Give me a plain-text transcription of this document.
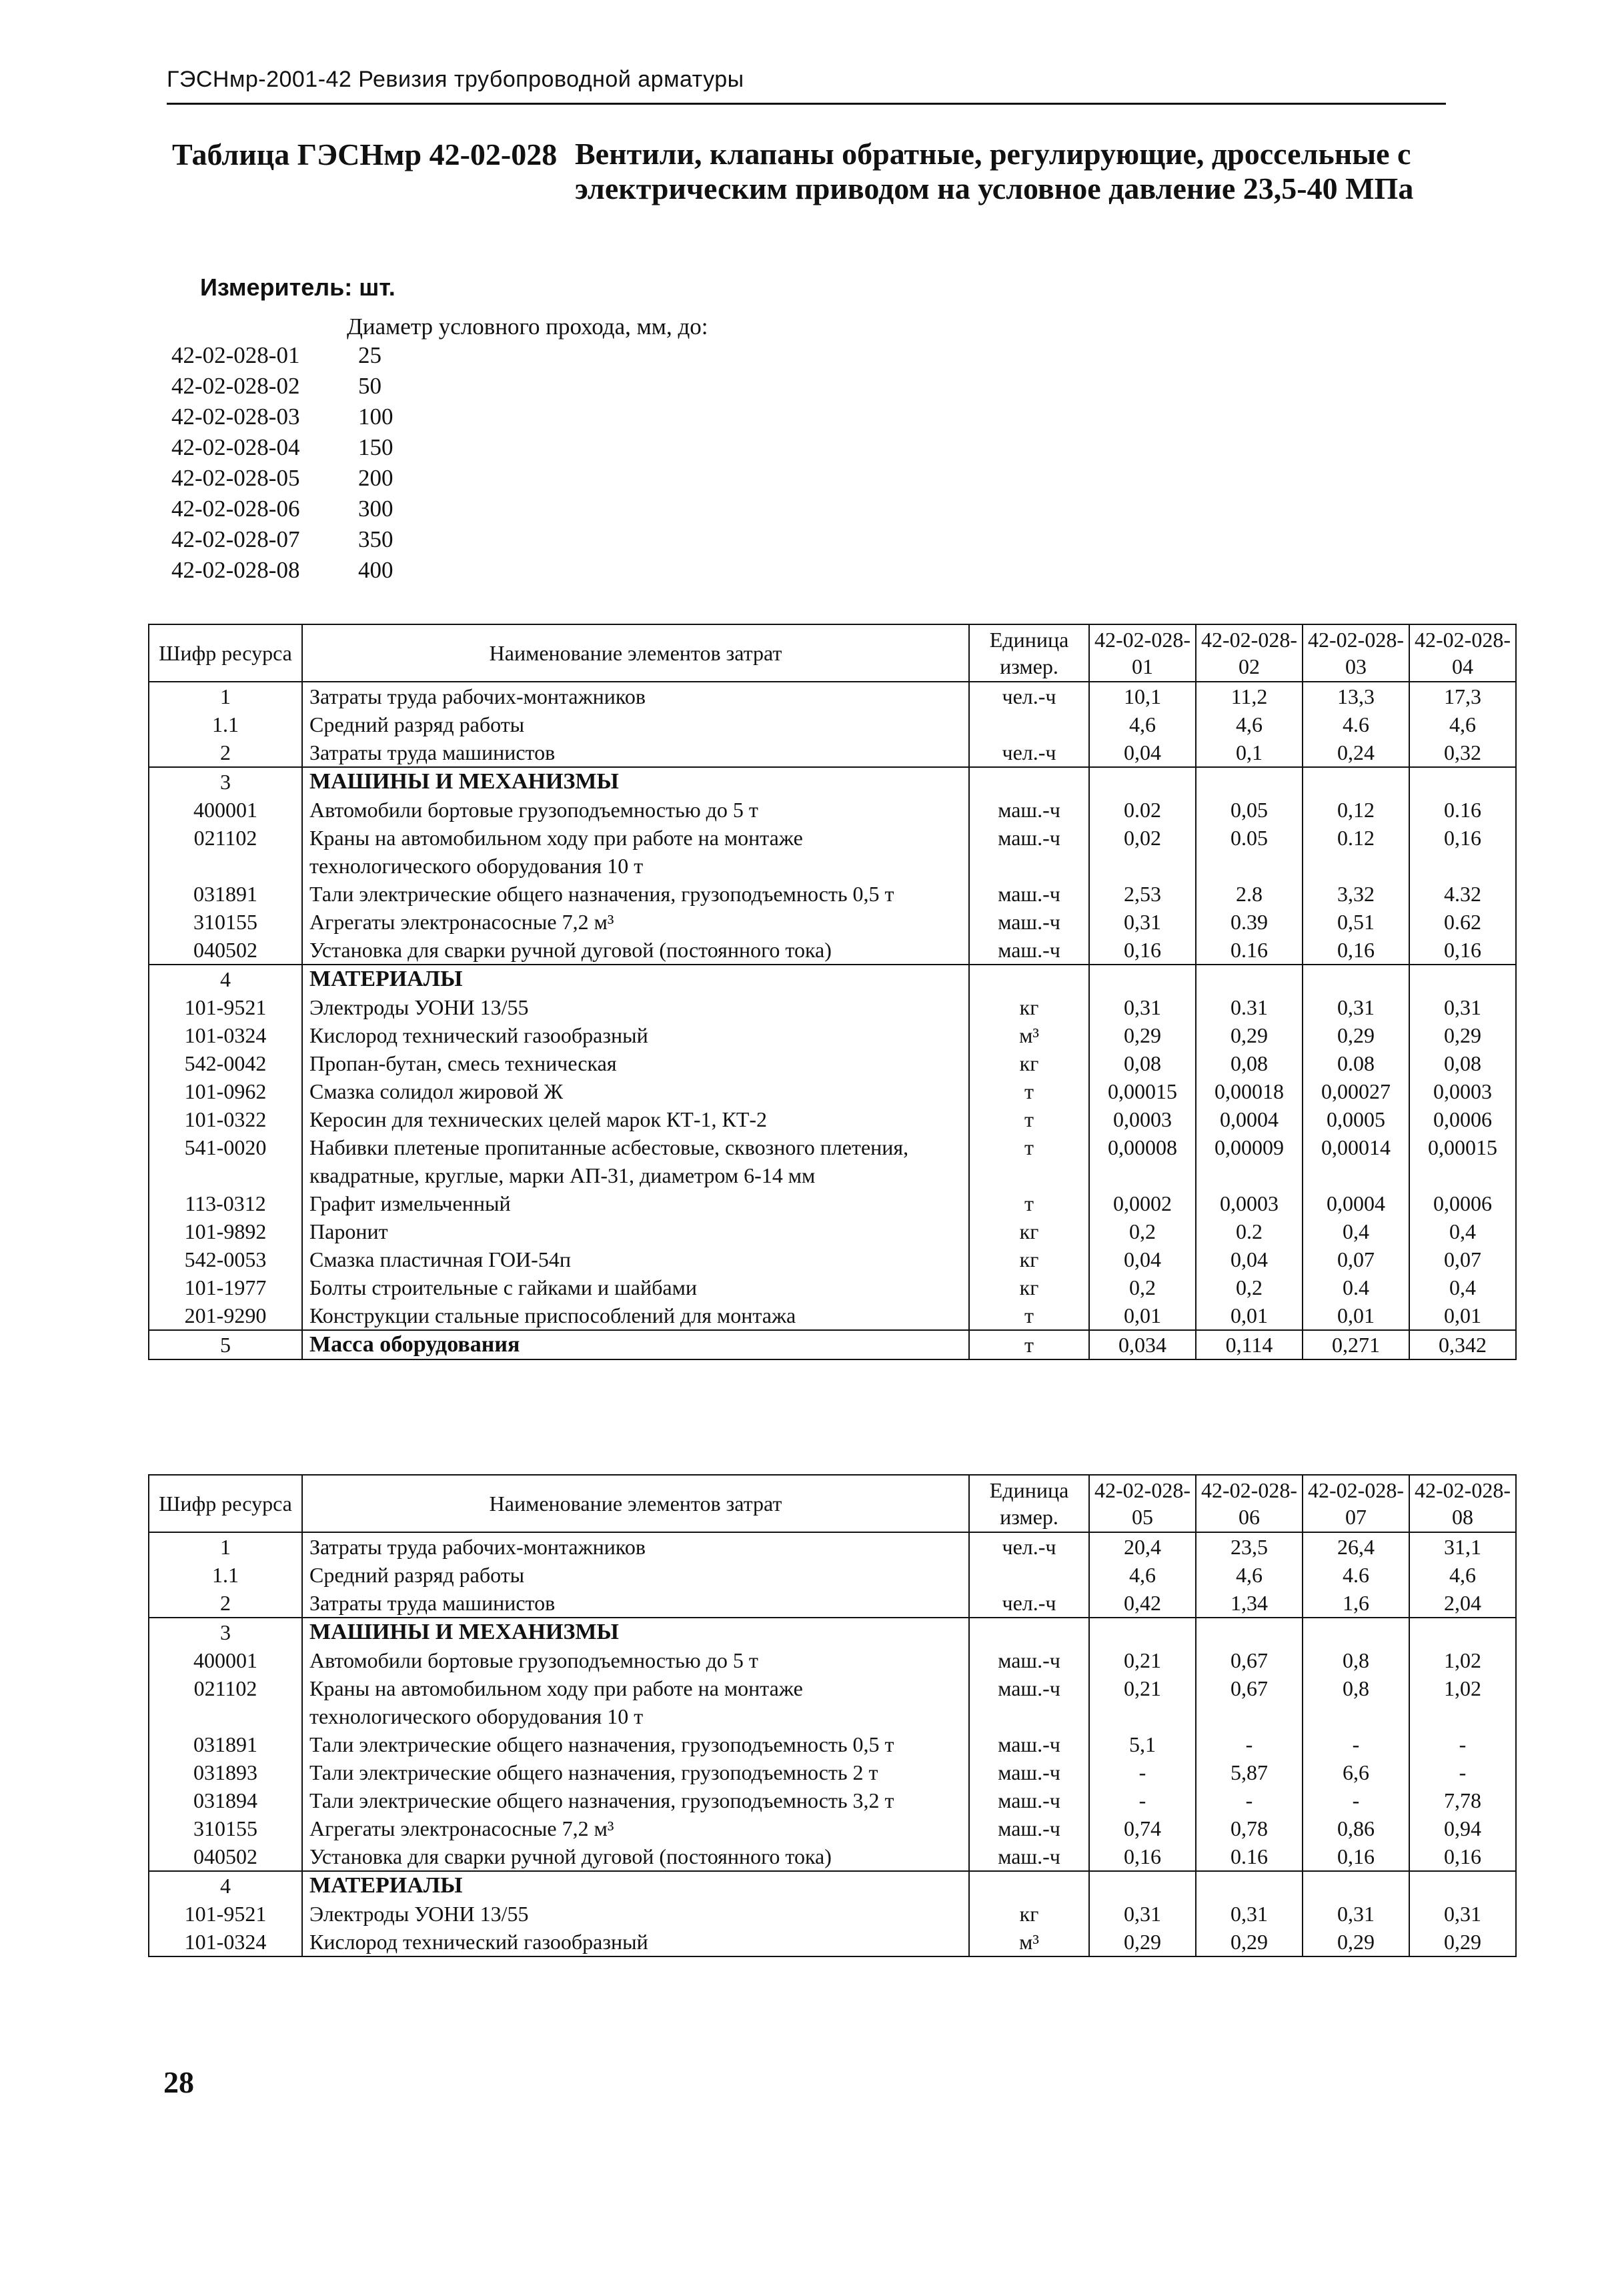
ГЭСНмр-2001-42 Ревизия трубопроводной арматуры
Таблица ГЭСНмр 42-02-028 Вентили, клапаны обратные, регулирующие, дроссельные с электрическим приводом на условное давление 23,5-40 МПа
Измеритель: шт.
Диаметр условного прохода, мм, до:
42-02-028-01	25
42-02-028-02	50
42-02-028-03	100
42-02-028-04	150
42-02-028-05	200
42-02-028-06	300
42-02-028-07	350
42-02-028-08	400
Шифр ресурса	Наименование элементов затрат	Единица измер.	42-02-028-01	42-02-028-02	42-02-028-03	42-02-028-04
1	Затраты труда рабочих-монтажников	чел.-ч	10,1	11,2	13,3	17,3
1.1	Средний разряд работы		4,6	4,6	4.6	4,6
2	Затраты труда машинистов	чел.-ч	0,04	0,1	0,24	0,32
3	МАШИНЫ И МЕХАНИЗМЫ					
400001	Автомобили бортовые грузоподъемностью до 5 т	маш.-ч	0.02	0,05	0,12	0.16
021102	Краны на автомобильном ходу при работе на монтаже технологического оборудования 10 т	маш.-ч	0,02	0.05	0.12	0,16
031891	Тали электрические общего назначения, грузоподъемность 0,5 т	маш.-ч	2,53	2.8	3,32	4.32
310155	Агрегаты электронасосные 7,2 м³	маш.-ч	0,31	0.39	0,51	0.62
040502	Установка для сварки ручной дуговой (постоянного тока)	маш.-ч	0,16	0.16	0,16	0,16
4	МАТЕРИАЛЫ					
101-9521	Электроды УОНИ 13/55	кг	0,31	0.31	0,31	0,31
101-0324	Кислород технический газообразный	м³	0,29	0,29	0,29	0,29
542-0042	Пропан-бутан, смесь техническая	кг	0,08	0,08	0.08	0,08
101-0962	Смазка солидол жировой Ж	т	0,00015	0,00018	0,00027	0,0003
101-0322	Керосин для технических целей марок КТ-1, КТ-2	т	0,0003	0,0004	0,0005	0,0006
541-0020	Набивки плетеные пропитанные асбестовые, сквозного плетения, квадратные, круглые, марки АП-31, диаметром 6-14 мм	т	0,00008	0,00009	0,00014	0,00015
113-0312	Графит измельченный	т	0,0002	0,0003	0,0004	0,0006
101-9892	Паронит	кг	0,2	0.2	0,4	0,4
542-0053	Смазка пластичная ГОИ-54п	кг	0,04	0,04	0,07	0,07
101-1977	Болты строительные с гайками и шайбами	кг	0,2	0,2	0.4	0,4
201-9290	Конструкции стальные приспособлений для монтажа	т	0,01	0,01	0,01	0,01
5	Масса оборудования	т	0,034	0,114	0,271	0,342
Шифр ресурса	Наименование элементов затрат	Единица измер.	42-02-028-05	42-02-028-06	42-02-028-07	42-02-028-08
1	Затраты труда рабочих-монтажников	чел.-ч	20,4	23,5	26,4	31,1
1.1	Средний разряд работы		4,6	4,6	4.6	4,6
2	Затраты труда машинистов	чел.-ч	0,42	1,34	1,6	2,04
3	МАШИНЫ И МЕХАНИЗМЫ					
400001	Автомобили бортовые грузоподъемностью до 5 т	маш.-ч	0,21	0,67	0,8	1,02
021102	Краны на автомобильном ходу при работе на монтаже технологического оборудования 10 т	маш.-ч	0,21	0,67	0,8	1,02
031891	Тали электрические общего назначения, грузоподъемность 0,5 т	маш.-ч	5,1	-	-	-
031893	Тали электрические общего назначения, грузоподъемность 2 т	маш.-ч	-	5,87	6,6	-
031894	Тали электрические общего назначения, грузоподъемность 3,2 т	маш.-ч	-	-	-	7,78
310155	Агрегаты электронасосные 7,2 м³	маш.-ч	0,74	0,78	0,86	0,94
040502	Установка для сварки ручной дуговой (постоянного тока)	маш.-ч	0,16	0.16	0,16	0,16
4	МАТЕРИАЛЫ					
101-9521	Электроды УОНИ 13/55	кг	0,31	0,31	0,31	0,31
101-0324	Кислород технический газообразный	м³	0,29	0,29	0,29	0,29
28
